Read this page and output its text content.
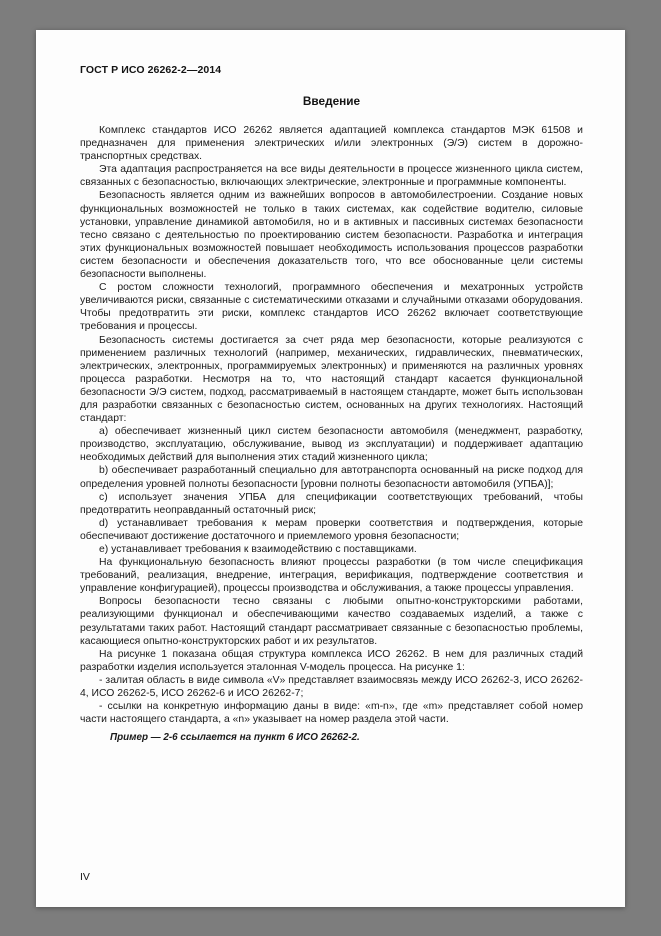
ГОСТ Р ИСО 26262-2—2014
Введение

Комплекс стандартов ИСО 26262 является адаптацией комплекса стандартов МЭК 61508 и предназначен для применения электрических и/или электронных (Э/Э) систем в дорожно-транспортных средствах.

Эта адаптация распространяется на все виды деятельности в процессе жизненного цикла систем, связанных с безопасностью, включающих электрические, электронные и программные компоненты.

Безопасность является одним из важнейших вопросов в автомобилестроении. Создание новых функциональных возможностей не только в таких системах, как содействие водителю, силовые установки, управление динамикой автомобиля, но и в активных и пассивных системах безопасности тесно связано с деятельностью по проектированию систем безопасности. Разработка и интеграция этих функциональных возможностей повышает необходимость использования процессов разработки систем безопасности и обеспечения доказательств того, что все обоснованные цели системы безопасности выполнены.

С ростом сложности технологий, программного обеспечения и мехатронных устройств увеличиваются риски, связанные с систематическими отказами и случайными отказами оборудования. Чтобы предотвратить эти риски, комплекс стандартов ИСО 26262 включает соответствующие требования и процессы.

Безопасность системы достигается за счет ряда мер безопасности, которые реализуются с применением различных технологий (например, механических, гидравлических, пневматических, электрических, электронных, программируемых электронных) и применяются на различных уровнях процесса разработки. Несмотря на то, что настоящий стандарт касается функциональной безопасности Э/Э систем, подход, рассматриваемый в настоящем стандарте, может быть использован для разработки связанных с безопасностью систем, основанных на других технологиях. Настоящий стандарт:

a) обеспечивает жизненный цикл систем безопасности автомобиля (менеджмент, разработку, производство, эксплуатацию, обслуживание, вывод из эксплуатации) и поддерживает адаптацию необходимых действий для выполнения этих стадий жизненного цикла;

b) обеспечивает разработанный специально для автотранспорта основанный на риске подход для определения уровней полноты безопасности [уровни полноты безопасности автомобиля (УПБА)];

c) использует значения УПБА для спецификации соответствующих требований, чтобы предотвратить неоправданный остаточный риск;

d) устанавливает требования к мерам проверки соответствия и подтверждения, которые обеспечивают достижение достаточного и приемлемого уровня безопасности;

e) устанавливает требования к взаимодействию с поставщиками.

На функциональную безопасность влияют процессы разработки (в том числе спецификация требований, реализация, внедрение, интеграция, верификация, подтверждение соответствия и управление конфигурацией), процессы производства и обслуживания, а также процессы управления.

Вопросы безопасности тесно связаны с любыми опытно-конструкторскими работами, реализующими функционал и обеспечивающими качество создаваемых изделий, а также с результатами таких работ. Настоящий стандарт рассматривает связанные с безопасностью проблемы, касающиеся опытно-конструкторских работ и их результатов.

На рисунке 1 показана общая структура комплекса ИСО 26262. В нем для различных стадий разработки изделия используется эталонная V-модель процесса. На рисунке 1:

- залитая область в виде символа «V» представляет взаимосвязь между ИСО 26262-3, ИСО 26262-4, ИСО 26262-5, ИСО 26262-6 и ИСО 26262-7;

- ссылки на конкретную информацию даны в виде: «m-n», где «m» представляет собой номер части настоящего стандарта, а «n» указывает на номер раздела этой части.

Пример — 2-6 ссылается на пункт 6 ИСО 26262-2.

IV
